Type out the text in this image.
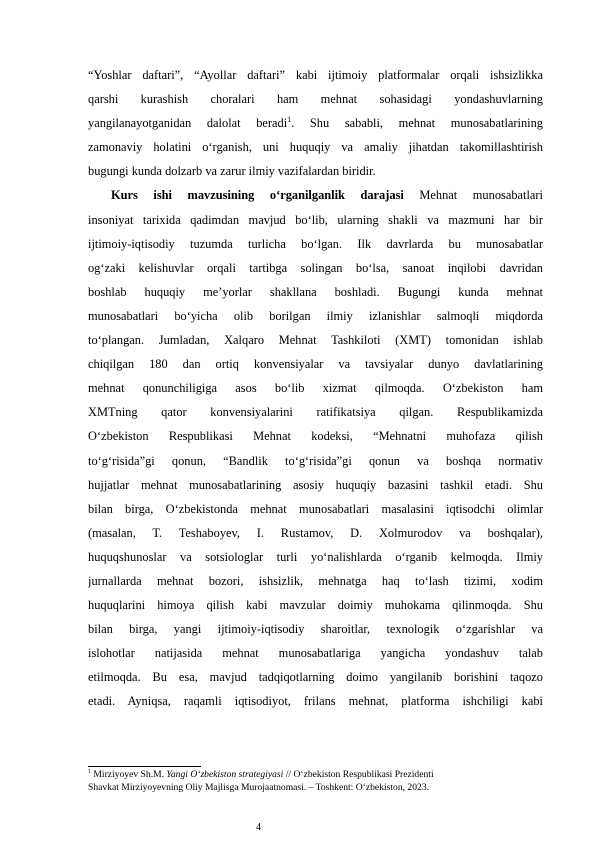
“Yoshlar daftari”, “Ayollar daftari” kabi ijtimoiy platformalar orqali ishsizlikka
qarshi kurashish choralari ham mehnat sohasidagi yondashuvlarning
yangilanayotganidan dalolat beradi$^1$. Shu sababli, mehnat munosabatlarining
zamonaviy holatini o‘rganish, uni huquqiy va amaliy jihatdan takomillashtirish
bugungi kunda dolzarb va zarur ilmiy vazifalardan biridir.
Kurs ishi mavzusining o‘rganilganlik darajasi Mehnat munosabatlari
insoniyat tarixida qadimdan mavjud bo‘lib, ularning shakli va mazmuni har bir
ijtimoiy-iqtisodiy tuzumda turlicha bo‘lgan. Ilk davrlarda bu munosabatlar
og‘zaki kelishuvlar orqali tartibga solingan bo‘lsa, sanoat inqilobi davridan
boshlab huquqiy me’yorlar shakllana boshladi. Bugungi kunda mehnat
munosabatlari bo‘yicha olib borilgan ilmiy izlanishlar salmoqli miqdorda
to‘plangan. Jumladan, Xalqaro Mehnat Tashkiloti (XMT) tomonidan ishlab
chiqilgan 180 dan ortiq konvensiyalar va tavsiyalar dunyo davlatlarining
mehnat qonunchiligiga asos bo‘lib xizmat qilmoqda. O‘zbekiston ham
XMTning qator konvensiyalarini ratifikatsiya qilgan. Respublikamizda
O‘zbekiston Respublikasi Mehnat kodeksi, “Mehnatni muhofaza qilish
to‘g‘risida”gi qonun, “Bandlik to‘g‘risida”gi qonun va boshqa normativ
hujjatlar mehnat munosabatlarining asosiy huquqiy bazasini tashkil etadi. Shu
bilan birga, O‘zbekistonda mehnat munosabatlari masalasini iqtisodchi olimlar
(masalan, T. Teshaboyev, I. Rustamov, D. Xolmurodov va boshqalar),
huquqshunoslar va sotsiologlar turli yo‘nalishlarda o‘rganib kelmoqda. Ilmiy
jurnallarda mehnat bozori, ishsizlik, mehnatga haq to‘lash tizimi, xodim
huquqlarini himoya qilish kabi mavzular doimiy muhokama qilinmoqda. Shu
bilan birga, yangi ijtimoiy-iqtisodiy sharoitlar, texnologik o‘zgarishlar va
islohotlar natijasida mehnat munosabatlariga yangicha yondashuv talab
etilmoqda. Bu esa, mavjud tadqiqotlarning doimo yangilanib borishini taqozo
etadi. Ayniqsa, raqamli iqtisodiyot, frilans mehnat, platforma ishchiligi kabi
$^1$ Mirziyoyev Sh.M. Yangi O‘zbekiston strategiyasi // O‘zbekiston Respublikasi Prezidenti
Shavkat Mirziyoyevning Oliy Majlisga Murojaatnomasi. – Toshkent: O‘zbekiston, 2023.
4
